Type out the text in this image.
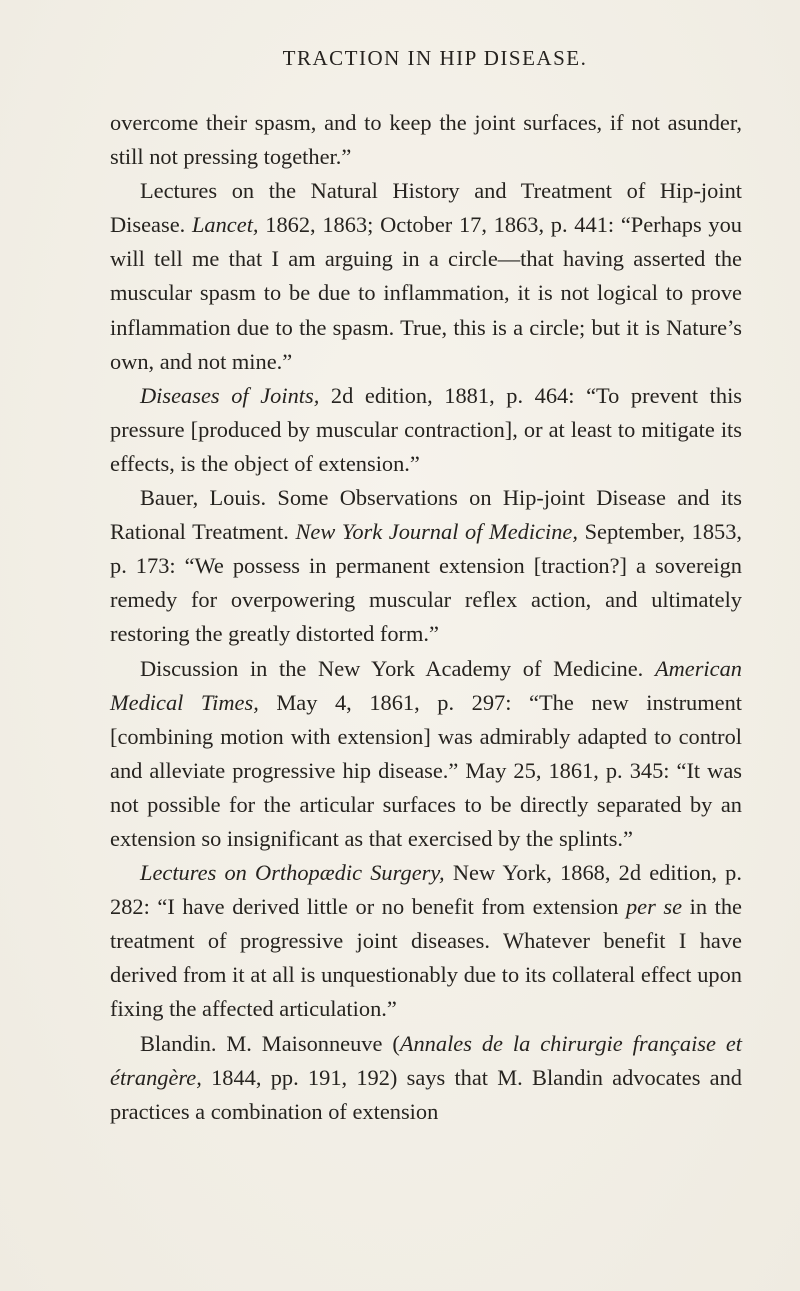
TRACTION IN HIP DISEASE.

overcome their spasm, and to keep the joint surfaces, if not asunder, still not pressing together.”

Lectures on the Natural History and Treatment of Hip-joint Disease. Lancet, 1862, 1863; October 17, 1863, p. 441: “Perhaps you will tell me that I am arguing in a circle—that having asserted the muscular spasm to be due to inflammation, it is not logical to prove inflammation due to the spasm. True, this is a circle; but it is Nature’s own, and not mine.”

Diseases of Joints, 2d edition, 1881, p. 464: “To prevent this pressure [produced by muscular contraction], or at least to mitigate its effects, is the object of extension.”

Bauer, Louis. Some Observations on Hip-joint Disease and its Rational Treatment. New York Journal of Medicine, September, 1853, p. 173: “We possess in permanent extension [traction?] a sovereign remedy for overpowering muscular reflex action, and ultimately restoring the greatly distorted form.”

Discussion in the New York Academy of Medicine. American Medical Times, May 4, 1861, p. 297: “The new instrument [combining motion with extension] was admirably adapted to control and alleviate progressive hip disease.” May 25, 1861, p. 345: “It was not possible for the articular surfaces to be directly separated by an extension so insignificant as that exercised by the splints.”

Lectures on Orthopædic Surgery, New York, 1868, 2d edition, p. 282: “I have derived little or no benefit from extension per se in the treatment of progressive joint diseases. Whatever benefit I have derived from it at all is unquestionably due to its collateral effect upon fixing the affected articulation.”

Blandin. M. Maisonneuve (Annales de la chirurgie française et étrangère, 1844, pp. 191, 192) says that M. Blandin advocates and practices a combination of extension
